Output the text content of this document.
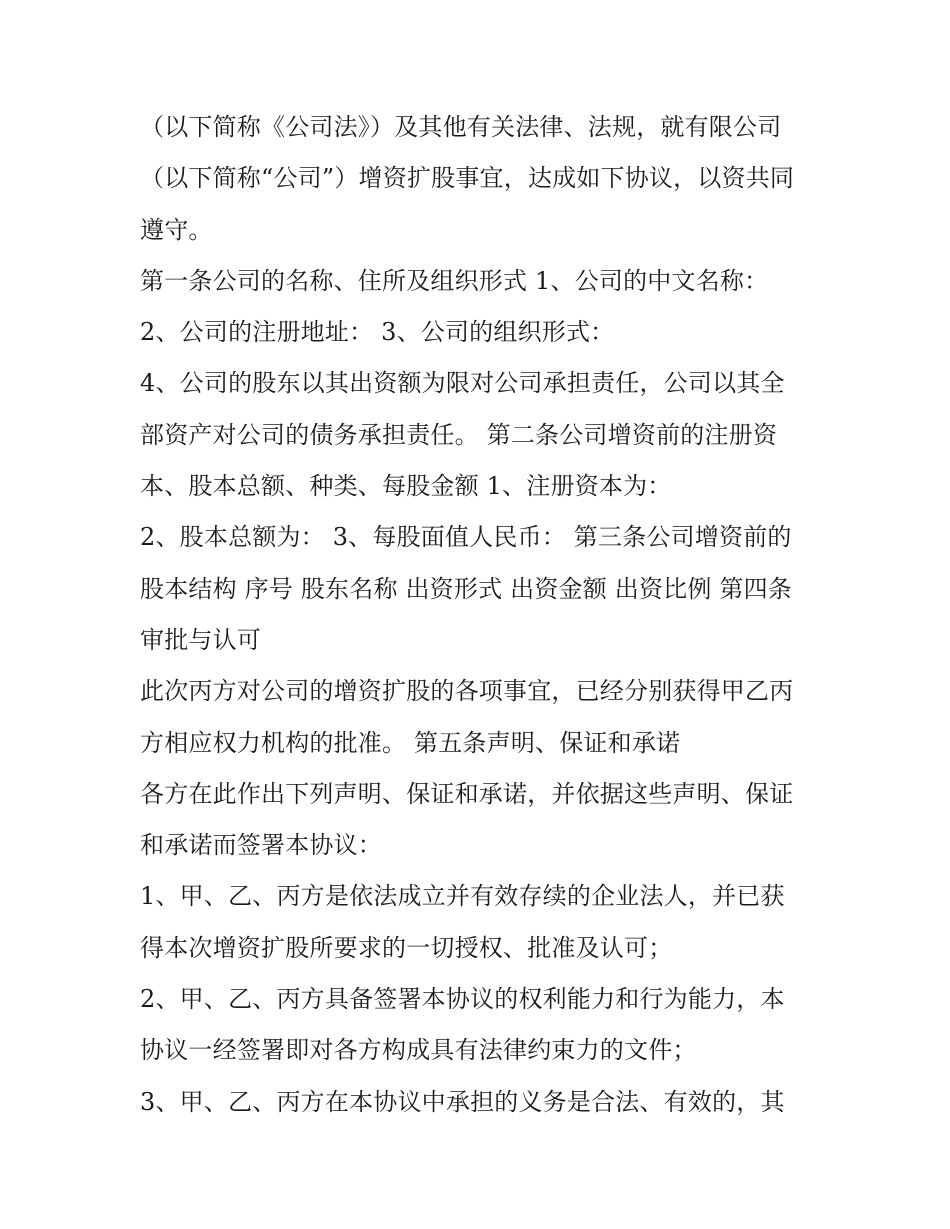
（以下简称《公司法》）及其他有关法律、法规，就有限公司
（以下简称“公司”）增资扩股事宜，达成如下协议，以资共同
遵守。
第一条公司的名称、住所及组织形式 1、公司的中文名称：
2、公司的注册地址： 3、公司的组织形式：
4、公司的股东以其出资额为限对公司承担责任，公司以其全
部资产对公司的债务承担责任。 第二条公司增资前的注册资
本、股本总额、种类、每股金额 1、注册资本为：
2、股本总额为： 3、每股面值人民币： 第三条公司增资前的
股本结构 序号 股东名称 出资形式 出资金额 出资比例 第四条
审批与认可
此次丙方对公司的增资扩股的各项事宜，已经分别获得甲乙丙
方相应权力机构的批准。 第五条声明、保证和承诺
各方在此作出下列声明、保证和承诺，并依据这些声明、保证
和承诺而签署本协议：
1、甲、乙、丙方是依法成立并有效存续的企业法人，并已获
得本次增资扩股所要求的一切授权、批准及认可；
2、甲、乙、丙方具备签署本协议的权利能力和行为能力，本
协议一经签署即对各方构成具有法律约束力的文件；
3、甲、乙、丙方在本协议中承担的义务是合法、有效的，其
